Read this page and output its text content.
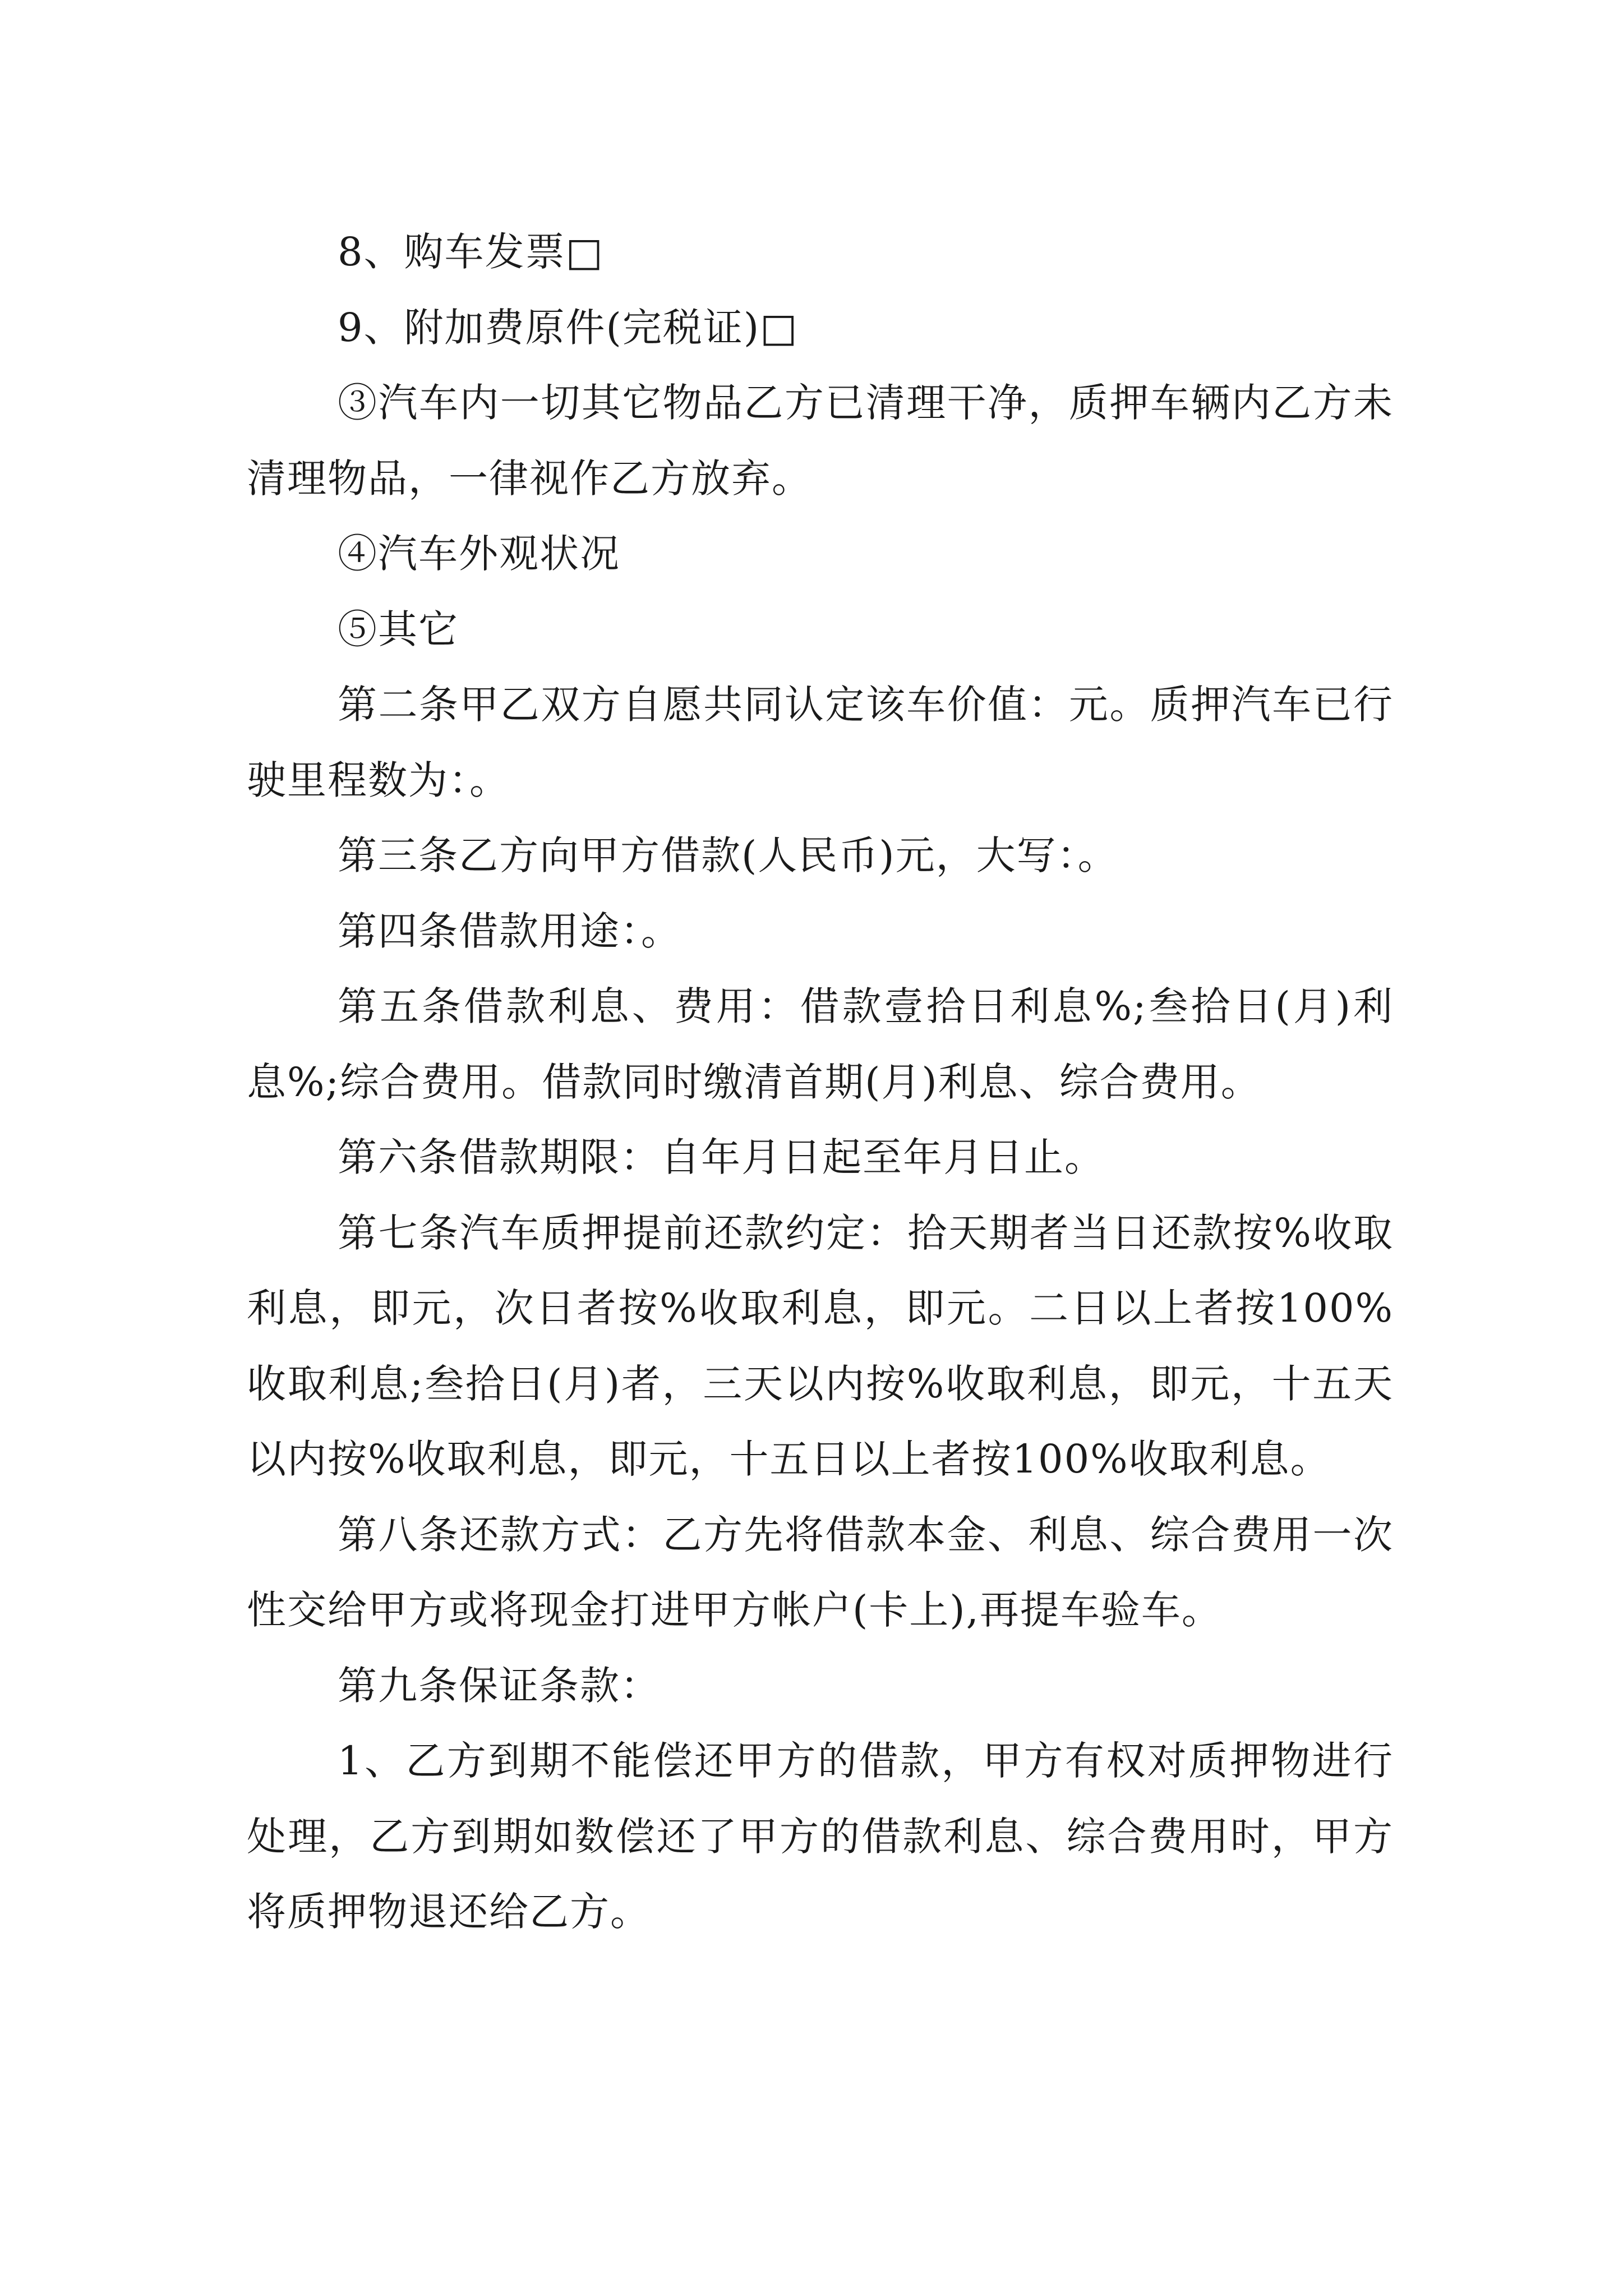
8、购车发票□

9、附加费原件(完税证)□

③汽车内一切其它物品乙方已清理干净，质押车辆内乙方未清理物品，一律视作乙方放弃。

④汽车外观状况

⑤其它

第二条甲乙双方自愿共同认定该车价值：元。质押汽车已行驶里程数为：。

第三条乙方向甲方借款(人民币)元，大写：。

第四条借款用途：。

第五条借款利息、费用：借款壹拾日利息%;叁拾日(月)利息%;综合费用。借款同时缴清首期(月)利息、综合费用。

第六条借款期限：自年月日起至年月日止。

第七条汽车质押提前还款约定：拾天期者当日还款按%收取利息，即元，次日者按%收取利息，即元。二日以上者按100%收取利息;叁拾日(月)者，三天以内按%收取利息，即元，十五天以内按%收取利息，即元，十五日以上者按100%收取利息。

第八条还款方式：乙方先将借款本金、利息、综合费用一次性交给甲方或将现金打进甲方帐户(卡上),再提车验车。

第九条保证条款：

1、乙方到期不能偿还甲方的借款，甲方有权对质押物进行处理，乙方到期如数偿还了甲方的借款利息、综合费用时，甲方将质押物退还给乙方。
